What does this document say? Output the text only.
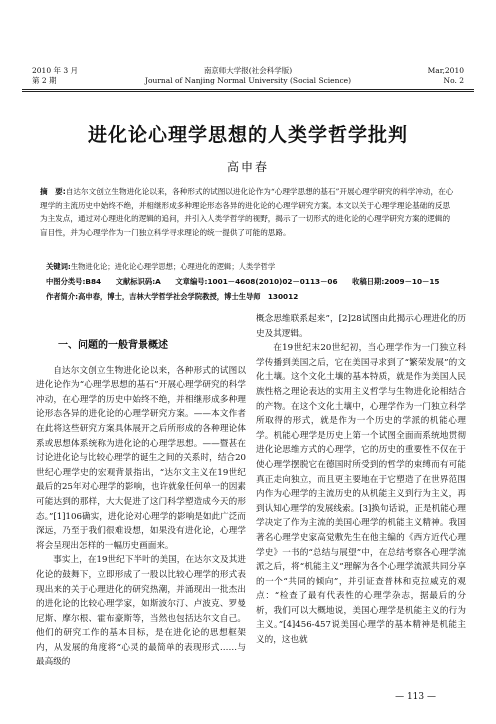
2010 年 3 月
第 2 期
南京师大学报(社会科学版)
Journal of Nanjing Normal University (Social Science)
Mar,2010
No. 2
进化论心理学思想的人类学哲学批判
高申春
摘　要:自达尔文创立生物进化论以来，各种形式的试图以进化论作为“心理学思想的基石”开展心理学研究的科学冲动，在心理学的主流历史中始终不绝，并相继形成多种理论形态各异的进化论的心理学研究方案。本文以关于心理学理论基础的反思为主发点，通过对心理进化的逻辑的追问，并引入人类学哲学的视野，揭示了一切形式的进化论的心理学研究方案的逻辑的盲目性，并为心理学作为一门独立科学寻求理论的统一提供了可能的思路。
关键词:生物进化论；进化论心理学思想；心理进化的逻辑；人类学哲学
中图分类号:B84　　文献标识码:A　　文章编号:1001－4608(2010)02－0113－06　　收稿日期:2009－10－15
作者简介:高申春，博士，吉林大学哲学社会学院教授，博士生导师　130012
一、问题的一般背景概述

自达尔文创立生物进化论以来，各种形式的试图以进化论作为“心理学思想的基石”开展心理学研究的科学冲动，在心理学的历史中始终不绝，并相继形成多种理论形态各异的进化论的心理学研究方案。——本文作者在此将这些研究方案具体展开之后所形成的各种理论体系或思想体系统称为进化论的心理学思想。——暨甚在讨论进化论与比较心理学的诞生之间的关系时，结合20世纪心理学史的宏观背景指出，“达尔文主义在19世纪最后的25年对心理学的影响，也许就象任何单一的因素可能达到的那样，大大促进了这门科学塑造成今天的形态。”[1]106确实，进化论对心理学的影响是如此广泛而深远，乃至于我们很难设想，如果没有进化论，心理学将会呈现出怎样的一幅历史画面来。

事实上，在19世纪下半叶的美国，在达尔文及其进化论的鼓舞下，立即形成了一股以比较心理学的形式表现出来的关于心理进化的研究热潮，并涌现出一批杰出的进化论的比较心理学家，如斯波尔汀、卢波克、罗曼尼斯、摩尔根、霍布豪斯等，当然也包括达尔文自己。他们的研究工作的基本目标，是在进化论的思想框架内，从发展的角度将“心灵的最简单的表现形式……与最高级的

概念思维联系起来”，[2]28试图由此揭示心理进化的历史及其逻辑。

在19世纪末20世纪初，当心理学作为一门独立科学传播到美国之后，它在美国寻求到了“繁荣发展”的文化土壤。这个文化土壤的基本特质，就是作为美国人民族性格之理论表达的实用主义哲学与生物进化论相结合的产物。在这个文化土壤中，心理学作为一门独立科学所取得的形式，就是作为一个历史的学派的机能心理学。机能心理学是历史上第一个试图全面而系统地贯彻进化论思维方式的心理学，它的历史的重要性不仅在于使心理学摆脱它在德国时所受到的哲学的束缚而有可能真正走向独立，而且更主要地在于它塑造了在世界范围内作为心理学的主流历史的从机能主义到行为主义，再到认知心理学的发展线索。[3]换句话说，正是机能心理学决定了作为主流的美国心理学的机能主义精神。我国著名心理学史家高觉敷先生在他主编的《西方近代心理学史》一书的“总结与展望”中，在总结考察各心理学流派之后，将“机能主义”理解为各个心理学流派共同分享的一个“共同的倾向”，并引证查普林和克拉威克的观点：“检查了最有代表性的心理学杂志，据最后的分析，我们可以大概地说，美国心理学是机能主义的行为主义。”[4]456-457说美国心理学的基本精神是机能主义的，这也就

— 113 —
